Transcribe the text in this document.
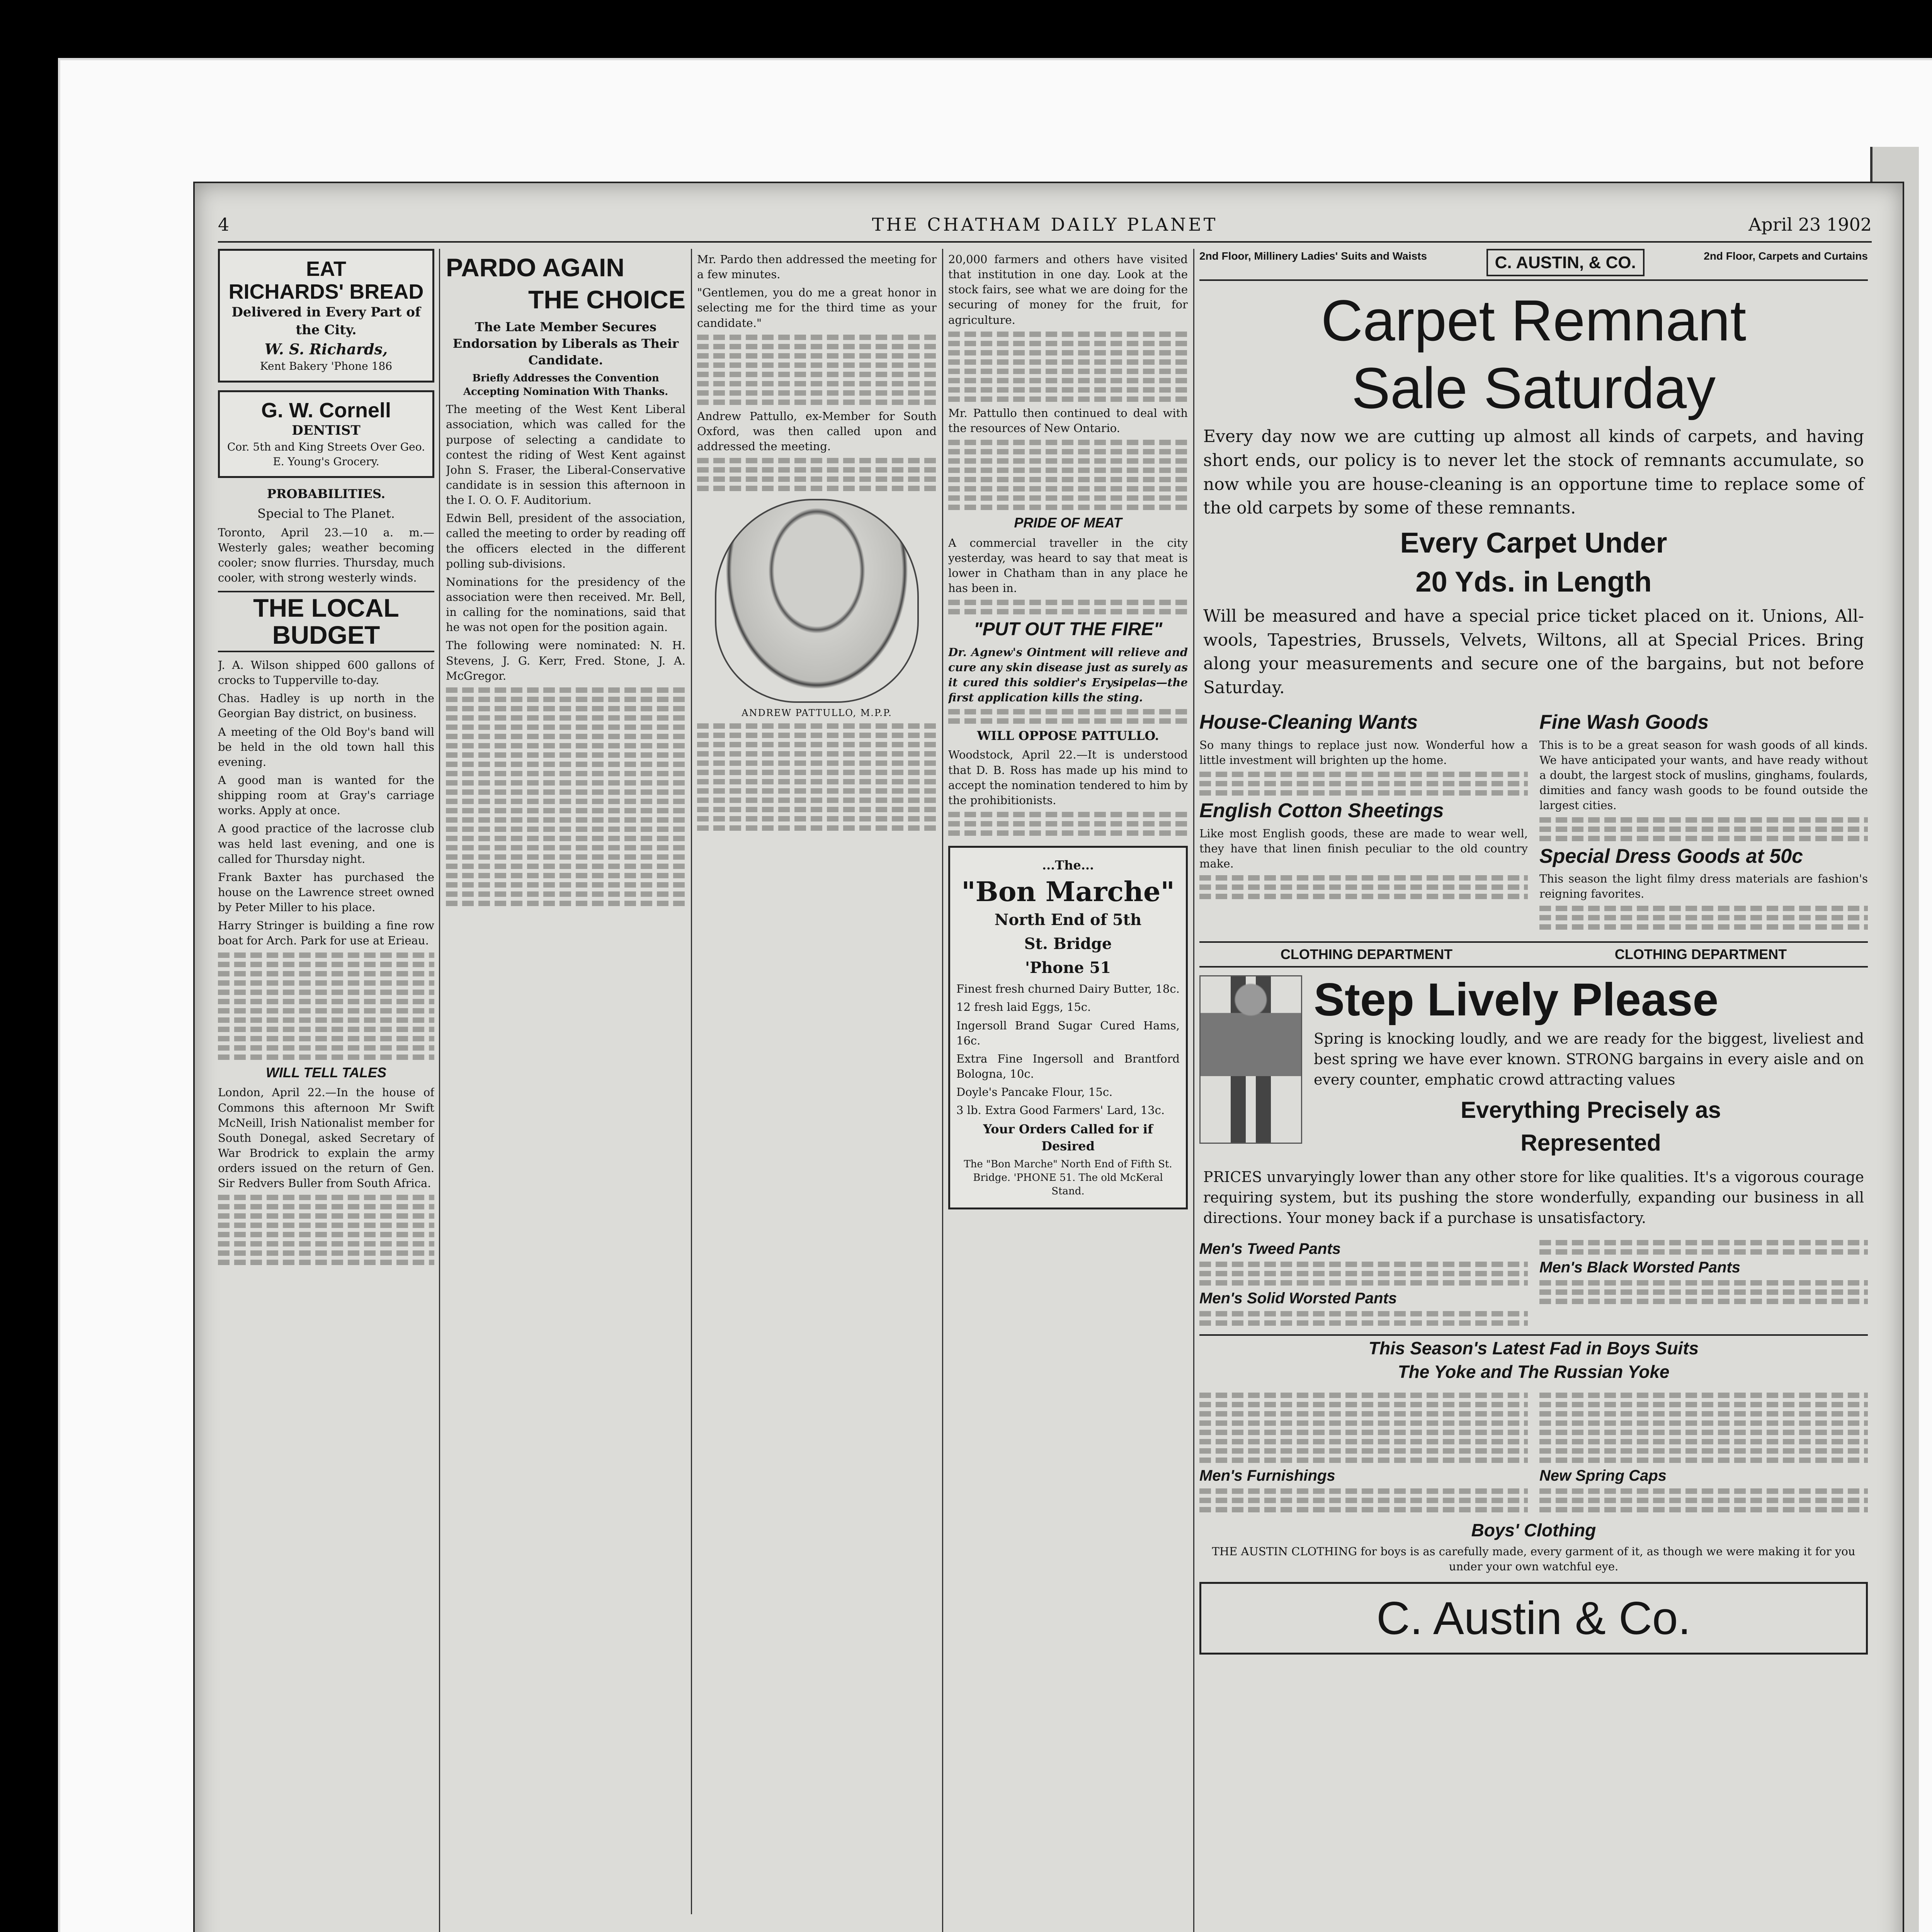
4	THE CHATHAM DAILY PLANET	April 23 1902
EAT
RICHARDS' BREAD
Delivered in Every Part of the City.
W. S. Richards,
Kent Bakery 'Phone 186
G. W. Cornell
DENTIST
Cor. 5th and King Streets Over Geo. E. Young's Grocery.
PROBABILITIES.
Special to The Planet.

Toronto, April 23.—10 a. m.—Westerly gales; weather becoming cooler; snow flurries. Thursday, much cooler, with strong westerly winds.

THE LOCAL BUDGET

J. A. Wilson shipped 600 gallons of crocks to Tupperville to-day.

Chas. Hadley is up north in the Georgian Bay district, on business.

A meeting of the Old Boy's band will be held in the old town hall this evening.

A good man is wanted for the shipping room at Gray's carriage works. Apply at once.

A good practice of the lacrosse club was held last evening, and one is called for Thursday night.

Frank Baxter has purchased the house on the Lawrence street owned by Peter Miller to his place.

Harry Stringer is building a fine row boat for Arch. Park for use at Erieau.

WILL TELL TALES

London, April 22.—In the house of Commons this afternoon Mr Swift McNeill, Irish Nationalist member for South Donegal, asked Secretary of War Brodrick to explain the army orders issued on the return of Gen. Sir Redvers Buller from South Africa.

PARDO AGAIN
THE CHOICE
The Late Member Secures Endorsation by Liberals as Their Candidate.
Briefly Addresses the Convention Accepting Nomination With Thanks.

The meeting of the West Kent Liberal association, which was called for the purpose of selecting a candidate to contest the riding of West Kent against John S. Fraser, the Liberal-Conservative candidate is in session this afternoon in the I. O. O. F. Auditorium.

Edwin Bell, president of the association, called the meeting to order by reading off the officers elected in the different polling sub-divisions.

Nominations for the presidency of the association were then received. Mr. Bell, in calling for the nominations, said that he was not open for the position again.

The following were nominated: N. H. Stevens, J. G. Kerr, Fred. Stone, J. A. McGregor.

Mr. Pardo then addressed the meeting for a few minutes.

"Gentlemen, you do me a great honor in selecting me for the third time as your candidate."

Andrew Pattullo, ex-Member for South Oxford, was then called upon and addressed the meeting.

ANDREW PATTULLO, M.P.P.

20,000 farmers and others have visited that institution in one day. Look at the stock fairs, see what we are doing for the securing of money for the fruit, for agriculture.

Mr. Pattullo then continued to deal with the resources of New Ontario.

PRIDE OF MEAT

A commercial traveller in the city yesterday, was heard to say that meat is lower in Chatham than in any place he has been in.

"PUT OUT THE FIRE"

Dr. Agnew's Ointment will relieve and cure any skin disease just as surely as it cured this soldier's Erysipelas—the first application kills the sting.

WILL OPPOSE PATTULLO.

Woodstock, April 22.—It is understood that D. B. Ross has made up his mind to accept the nomination tendered to him by the prohibitionists.

...The...
"Bon Marche"
North End of 5th
St. Bridge
'Phone 51

Finest fresh churned Dairy Butter, 18c.

12 fresh laid Eggs, 15c.

Ingersoll Brand Sugar Cured Hams, 16c.

Extra Fine Ingersoll and Brantford Bologna, 10c.

Doyle's Pancake Flour, 15c.

3 lb. Extra Good Farmers' Lard, 13c.

Your Orders Called for if Desired

The "Bon Marche" North End of Fifth St. Bridge. 'PHONE 51. The old McKeral Stand.

2nd Floor, Millinery Ladies' Suits and Waists	C. AUSTIN, & CO.	2nd Floor, Carpets and Curtains
Carpet Remnant
Sale Saturday

Every day now we are cutting up almost all kinds of carpets, and having short ends, our policy is to never let the stock of remnants accumulate, so now while you are house-cleaning is an opportune time to replace some of the old carpets by some of these remnants.

Every Carpet Under
20 Yds. in Length

Will be measured and have a special price ticket placed on it. Unions, All-wools, Tapestries, Brussels, Velvets, Wiltons, all at Special Prices. Bring along your measurements and secure one of the bargains, but not before Saturday.

House-Cleaning Wants

So many things to replace just now. Wonderful how a little investment will brighten up the home.

English Cotton Sheetings

Like most English goods, these are made to wear well, they have that linen finish peculiar to the old country make.

Fine Wash Goods

This is to be a great season for wash goods of all kinds. We have anticipated your wants, and have ready without a doubt, the largest stock of muslins, ginghams, foulards, dimities and fancy wash goods to be found outside the largest cities.

Special Dress Goods at 50c

This season the light filmy dress materials are fashion's reigning favorites.

CLOTHING DEPARTMENT	CLOTHING DEPARTMENT
Step Lively Please

Spring is knocking loudly, and we are ready for the biggest, liveliest and best spring we have ever known. STRONG bargains in every aisle and on every counter, emphatic crowd attracting values

Everything Precisely as
Represented

PRICES unvaryingly lower than any other store for like qualities. It's a vigorous courage requiring system, but its pushing the store wonderfully, expanding our business in all directions. Your money back if a purchase is unsatisfactory.

Men's Tweed Pants
Men's Solid Worsted Pants
Men's Black Worsted Pants
This Season's Latest Fad in Boys Suits
The Yoke and The Russian Yoke
Men's Furnishings	New Spring Caps
Boys' Clothing

THE AUSTIN CLOTHING for boys is as carefully made, every garment of it, as though we were making it for you under your own watchful eye.

C. Austin & Co.
